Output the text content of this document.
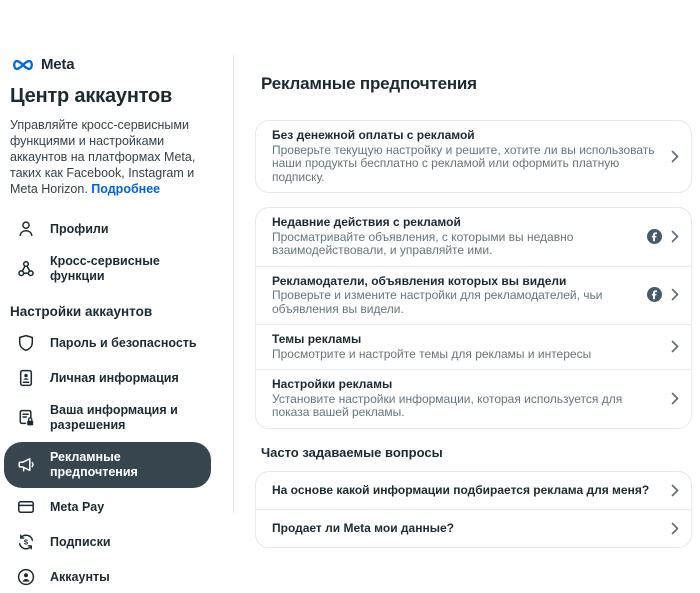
Meta
Центр аккаунтов

Управляйте кросс-сервисными функциями и настройками аккаунтов на платформах Meta, таких как Facebook, Instagram и Meta Horizon. Подробнее

Профили
Кросс-сервисные функции
Настройки аккаунтов
Пароль и безопасность
Личная информация
Ваша информация и разрешения
Рекламные предпочтения
Meta Pay
$ Подписки
Аккаунты
Рекламные предпочтения
Без денежной оплаты с рекламой
Проверьте текущую настройку и решите, хотите ли вы использовать наши продукты бесплатно с рекламой или оформить платную подписку.
Недавние действия с рекламой
Просматривайте объявления, с которыми вы недавно взаимодействовали, и управляйте ими.
Рекламодатели, объявления которых вы видели
Проверьте и измените настройки для рекламодателей, чьи объявления вы видели.
Темы рекламы
Просмотрите и настройте темы для рекламы и интересы
Настройки рекламы
Установите настройки информации, которая используется для показа вашей рекламы.
Часто задаваемые вопросы
На основе какой информации подбирается реклама для меня?
Продает ли Meta мои данные?
